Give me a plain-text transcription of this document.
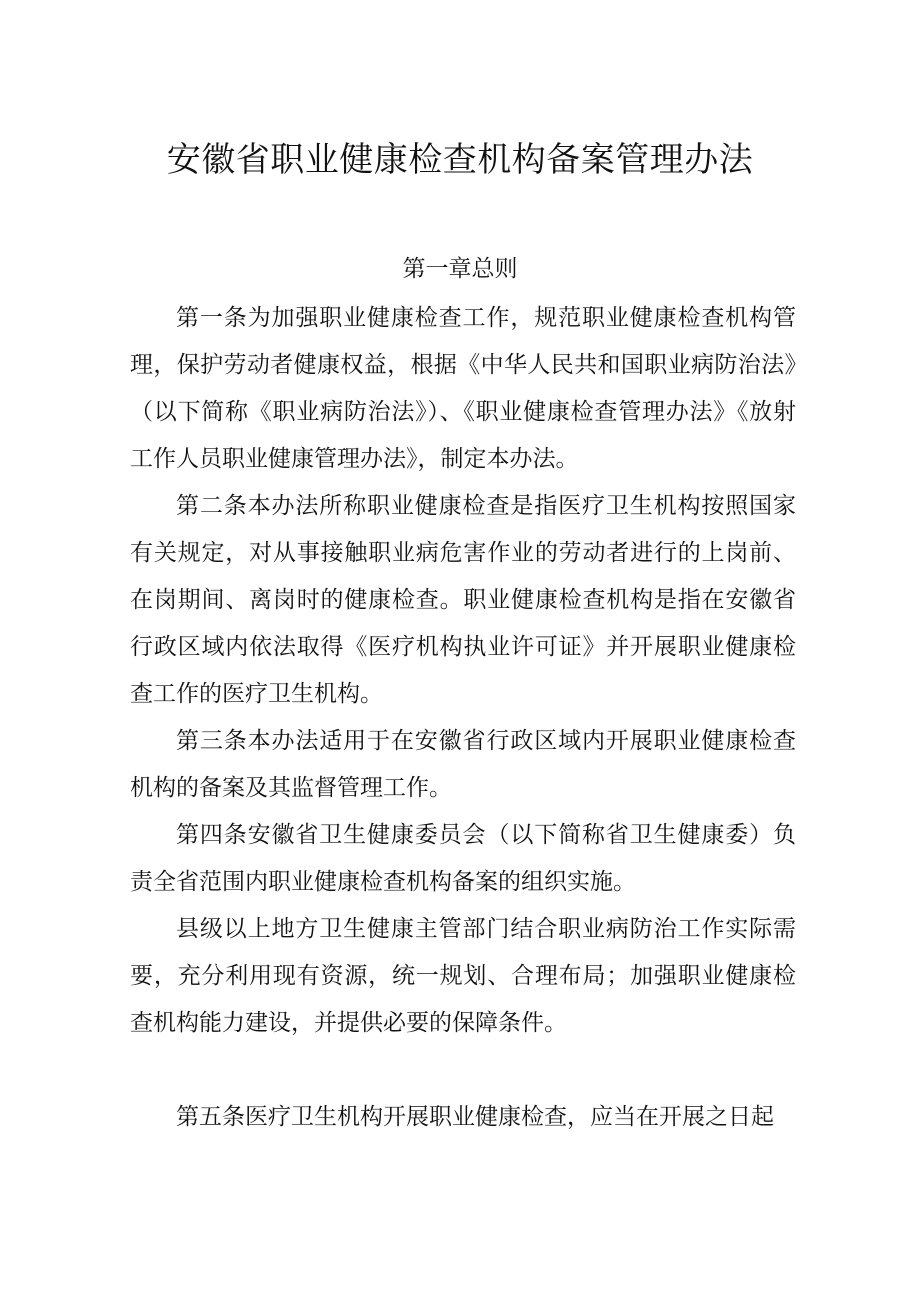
安徽省职业健康检查机构备案管理办法
第一章总则

第一条为加强职业健康检查工作，规范职业健康检查机构管理，保护劳动者健康权益，根据《中华人民共和国职业病防治法》（以下简称《职业病防治法》）、《职业健康检查管理办法》《放射工作人员职业健康管理办法》，制定本办法。

第二条本办法所称职业健康检查是指医疗卫生机构按照国家有关规定，对从事接触职业病危害作业的劳动者进行的上岗前、在岗期间、离岗时的健康检查。职业健康检查机构是指在安徽省行政区域内依法取得《医疗机构执业许可证》并开展职业健康检查工作的医疗卫生机构。

第三条本办法适用于在安徽省行政区域内开展职业健康检查机构的备案及其监督管理工作。

第四条安徽省卫生健康委员会（以下简称省卫生健康委）负责全省范围内职业健康检查机构备案的组织实施。

县级以上地方卫生健康主管部门结合职业病防治工作实际需要，充分利用现有资源，统一规划、合理布局；加强职业健康检查机构能力建设，并提供必要的保障条件。

第五条医疗卫生机构开展职业健康检查，应当在开展之日起
